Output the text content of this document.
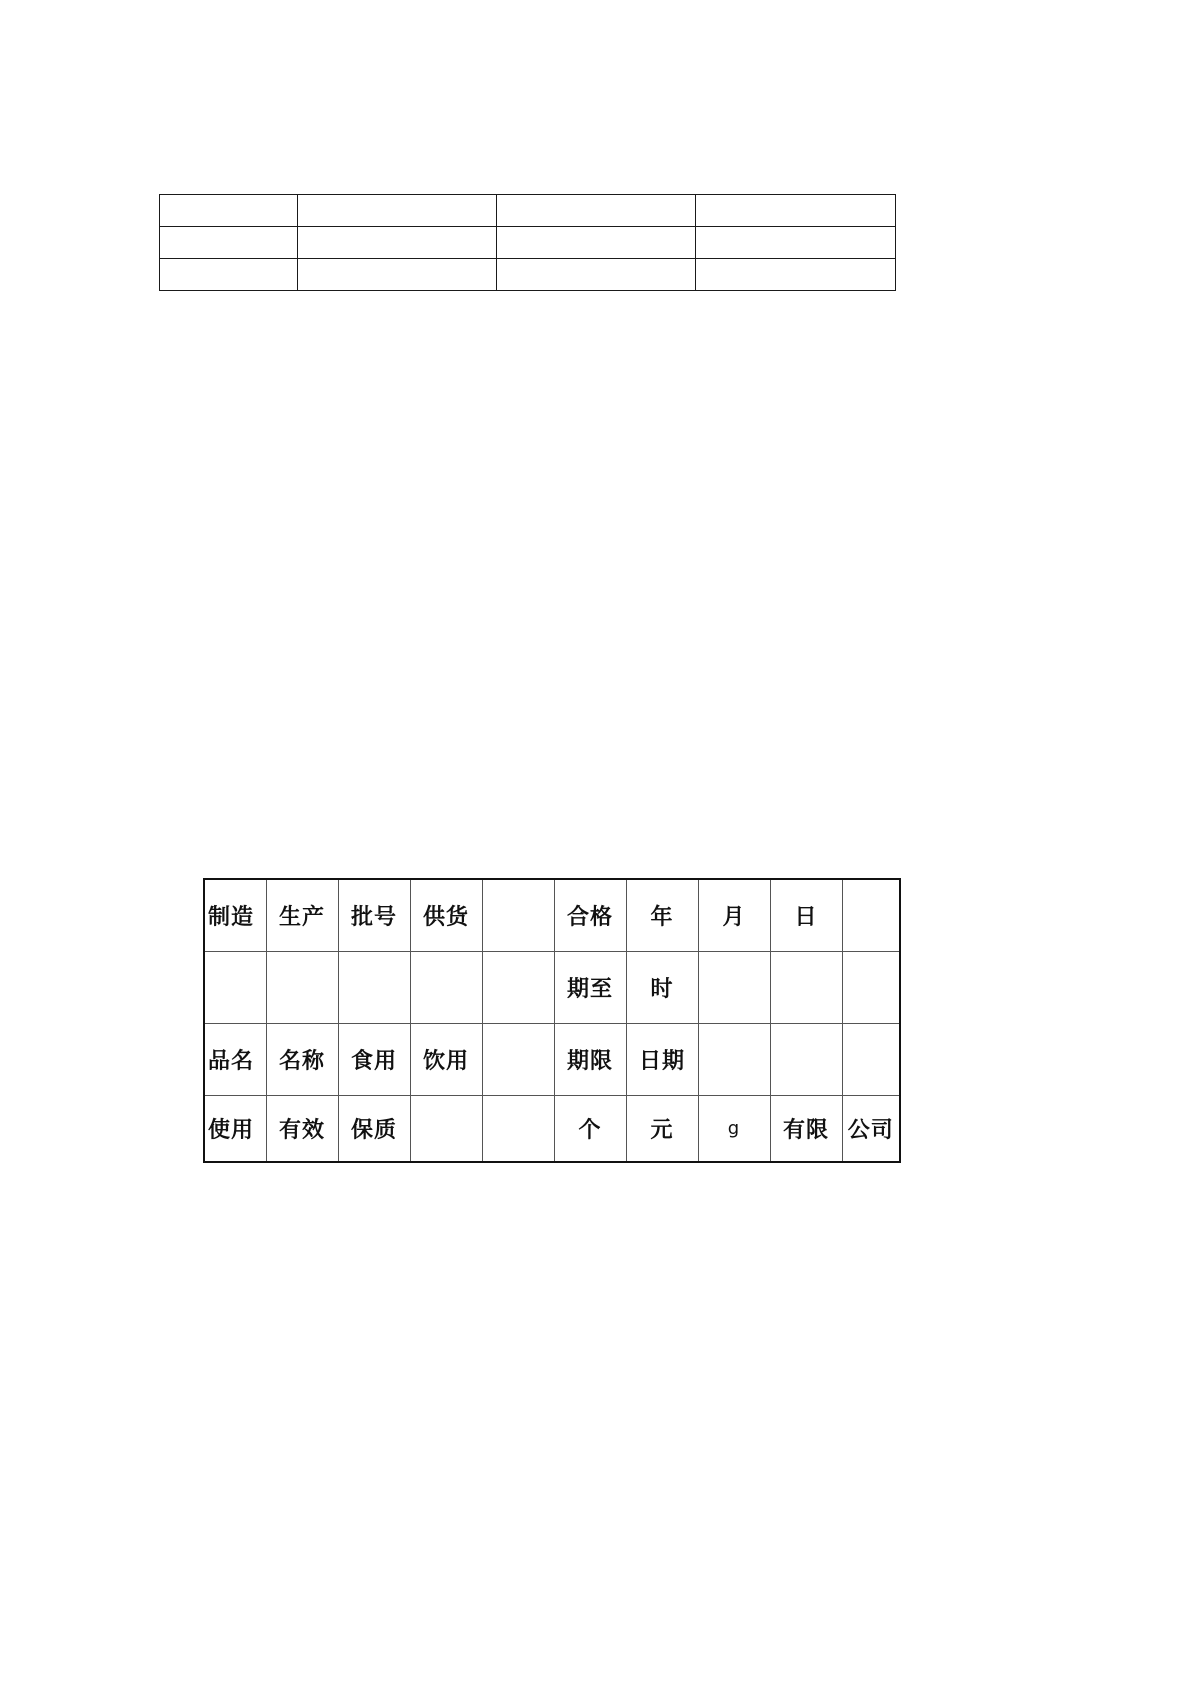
制造	生产	批号	供货		合格	年	月	日	
					期至	时			
品名	名称	食用	饮用		期限	日期			
使用	有效	保质			个	元	g	有限	公司
